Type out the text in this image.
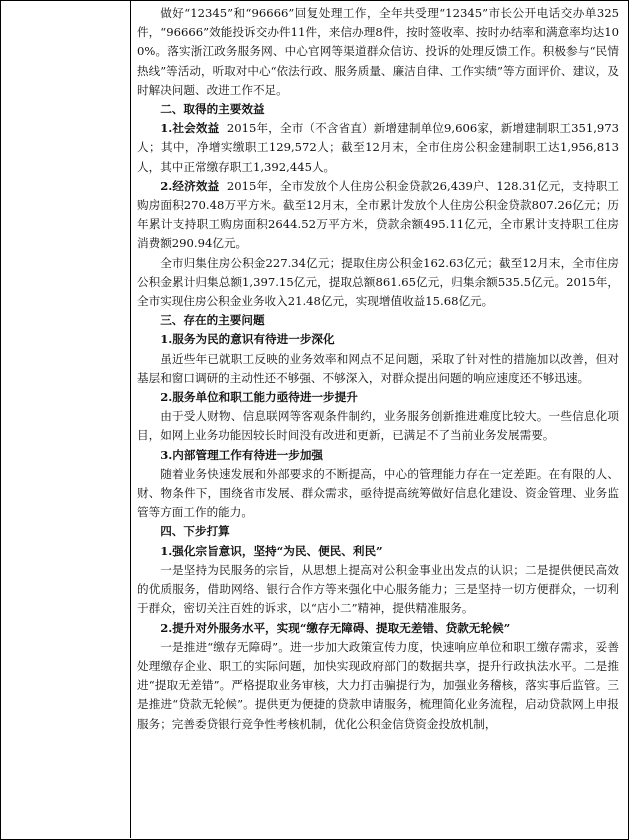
做好“12345”和“96666”回复处理工作，全年共受理“12345”市长公开电话交办单325件，“96666”效能投诉交办件11件，来信办理8件，按时签收率、按时办结率和满意率均达100%。落实浙江政务服务网、中心官网等渠道群众信访、投诉的处理反馈工作。积极参与“民情热线”等活动，听取对中心“依法行政、服务质量、廉洁自律、工作实绩”等方面评价、建议，及时解决问题、改进工作不足。

二、取得的主要效益

1.社会效益 2015年，全市（不含省直）新增建制单位9,606家，新增建制职工351,973人；其中，净增实缴职工129,572人；截至12月末，全市住房公积金建制职工达1,956,813人，其中正常缴存职工1,392,445人。

2.经济效益 2015年，全市发放个人住房公积金贷款26,439户、128.31亿元，支持职工购房面积270.48万平方米。截至12月末，全市累计发放个人住房公积金贷款807.26亿元；历年累计支持职工购房面积2644.52万平方米，贷款余额495.11亿元，全市累计支持职工住房消费额290.94亿元。

全市归集住房公积金227.34亿元；提取住房公积金162.63亿元；截至12月末，全市住房公积金累计归集总额1,397.15亿元，提取总额861.65亿元，归集余额535.5亿元。2015年，全市实现住房公积金业务收入21.48亿元，实现增值收益15.68亿元。

三、存在的主要问题

1.服务为民的意识有待进一步深化

虽近些年已就职工反映的业务效率和网点不足问题，采取了针对性的措施加以改善，但对基层和窗口调研的主动性还不够强、不够深入，对群众提出问题的响应速度还不够迅速。

2.服务单位和职工能力亟待进一步提升

由于受人财物、信息联网等客观条件制约，业务服务创新推进难度比较大。一些信息化项目，如网上业务功能因较长时间没有改进和更新，已满足不了当前业务发展需要。

3.内部管理工作有待进一步加强

随着业务快速发展和外部要求的不断提高，中心的管理能力存在一定差距。在有限的人、财、物条件下，围绕省市发展、群众需求，亟待提高统筹做好信息化建设、资金管理、业务监管等方面工作的能力。

四、下步打算

1.强化宗旨意识，坚持“为民、便民、利民”

一是坚持为民服务的宗旨，从思想上提高对公积金事业出发点的认识；二是提供便民高效的优质服务，借助网络、银行合作方等来强化中心服务能力；三是坚持一切方便群众，一切利于群众，密切关注百姓的诉求，以“店小二”精神，提供精准服务。

2.提升对外服务水平，实现“缴存无障碍、提取无差错、贷款无轮候”

一是推进“缴存无障碍”。进一步加大政策宣传力度，快速响应单位和职工缴存需求，妥善处理缴存企业、职工的实际问题，加快实现政府部门的数据共享，提升行政执法水平。二是推进“提取无差错”。严格提取业务审核，大力打击骗提行为，加强业务稽核，落实事后监管。三是推进“贷款无轮候”。提供更为便捷的贷款申请服务，梳理简化业务流程，启动贷款网上申报服务；完善委贷银行竞争性考核机制，优化公积金信贷资金投放机制，
